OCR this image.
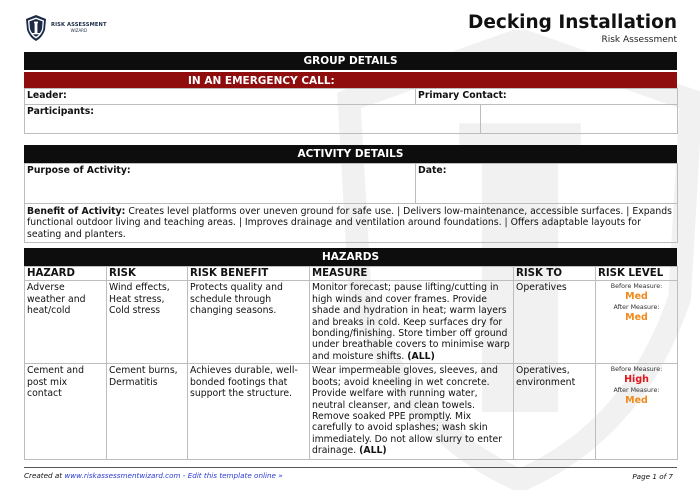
RISK ASSESSMENT
WIZARD	Decking Installation
Risk Assessment
GROUP DETAILS
IN AN EMERGENCY CALL:
Leader:	Primary Contact:	
Participants:		
ACTIVITY DETAILS
Purpose of Activity:	Date:
Benefit of Activity: Creates level platforms over uneven ground for safe use. | Delivers low-maintenance, accessible surfaces. | Expands functional outdoor living and teaching areas. | Improves drainage and ventilation around foundations. | Offers adaptable layouts for seating and planters.
HAZARDS
HAZARD	RISK	RISK BENEFIT	MEASURE	RISK TO	RISK LEVEL
Adverse weather and heat/cold	Wind effects, Heat stress, Cold stress	Protects quality and schedule through changing seasons.	Monitor forecast; pause lifting/cutting in high winds and cover frames. Provide shade and hydration in heat; warm layers and breaks in cold. Keep surfaces dry for bonding/finishing. Store timber off ground under breathable covers to minimise warp and moisture shifts. (ALL)	Operatives	Before Measure:
Med
After Measure:
Med

Cement and post mix contact	Cement burns, Dermatitis	Achieves durable, well-bonded footings that support the structure.	Wear impermeable gloves, sleeves, and boots; avoid kneeling in wet concrete. Provide welfare with running water, neutral cleanser, and clean towels. Remove soaked PPE promptly. Mix carefully to avoid splashes; wash skin immediately. Do not allow slurry to enter drainage. (ALL)	Operatives, environment	
Before Measure:
High
After Measure:
Med
Created at www.riskassessmentwizard.com - Edit this template online »	Page 1 of 7
